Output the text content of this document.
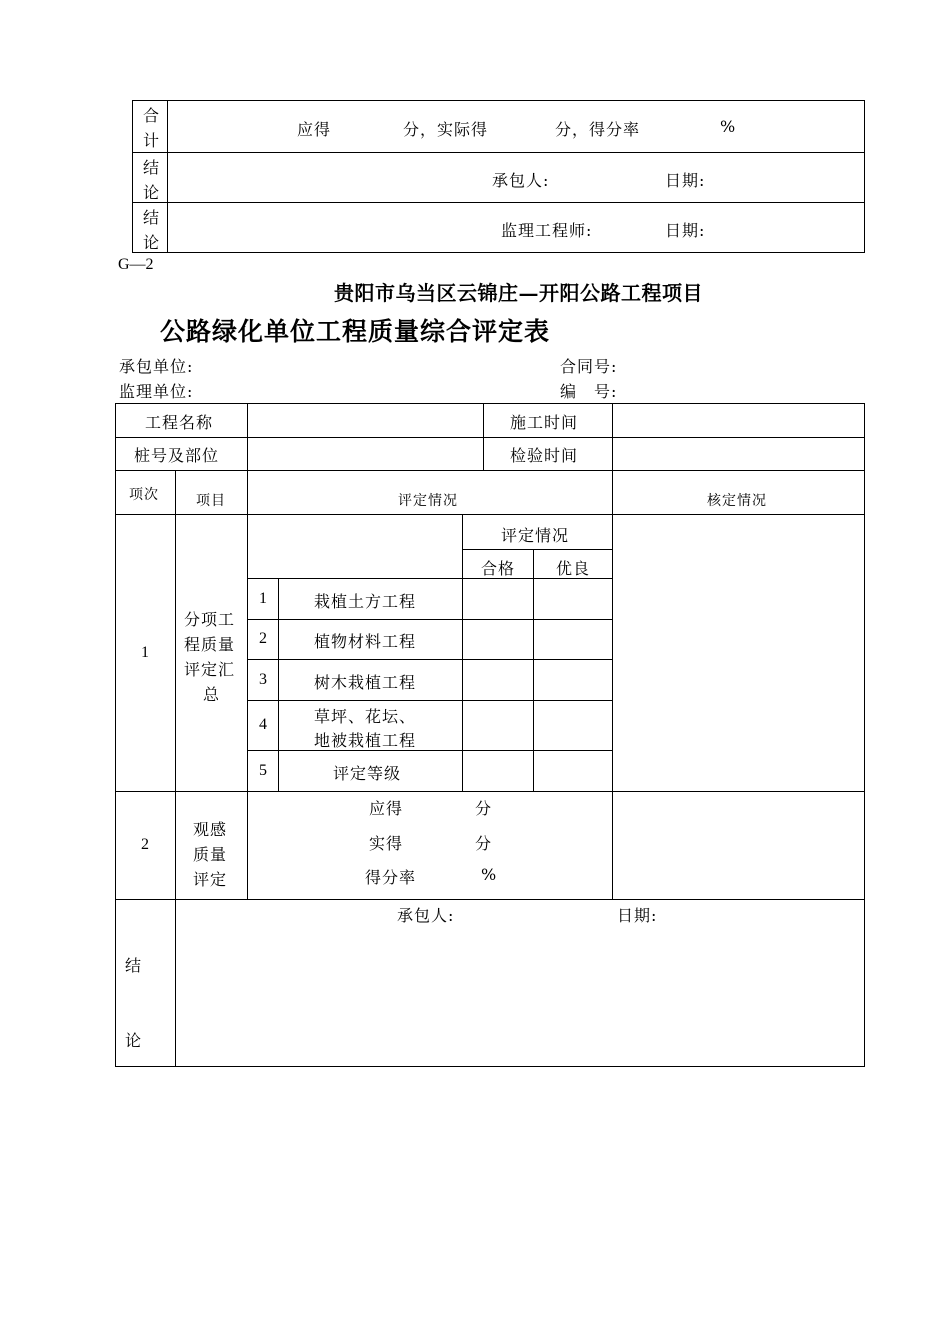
合
计
应得	分，实际得	分，得分率	%
结
论
承包人:	日期:
结
论
监理工程师:	日期:
G—2
贵阳市乌当区云锦庄—开阳公路工程项目
公路绿化单位工程质量综合评定表
承包单位:	合同号:
监理单位:	编　号:
工程名称	施工时间
桩号及部位	检验时间
项次	项目	评定情况	核定情况
1
分项工
程质量
评定汇
总
评定情况
合格	优良
1	栽植土方工程
2	植物材料工程
3	树木栽植工程
4	草坪、花坛、
地被栽植工程
5	评定等级
2
观感
质量
评定
应得	分
实得	分
得分率	%
结
论
承包人:	日期:
